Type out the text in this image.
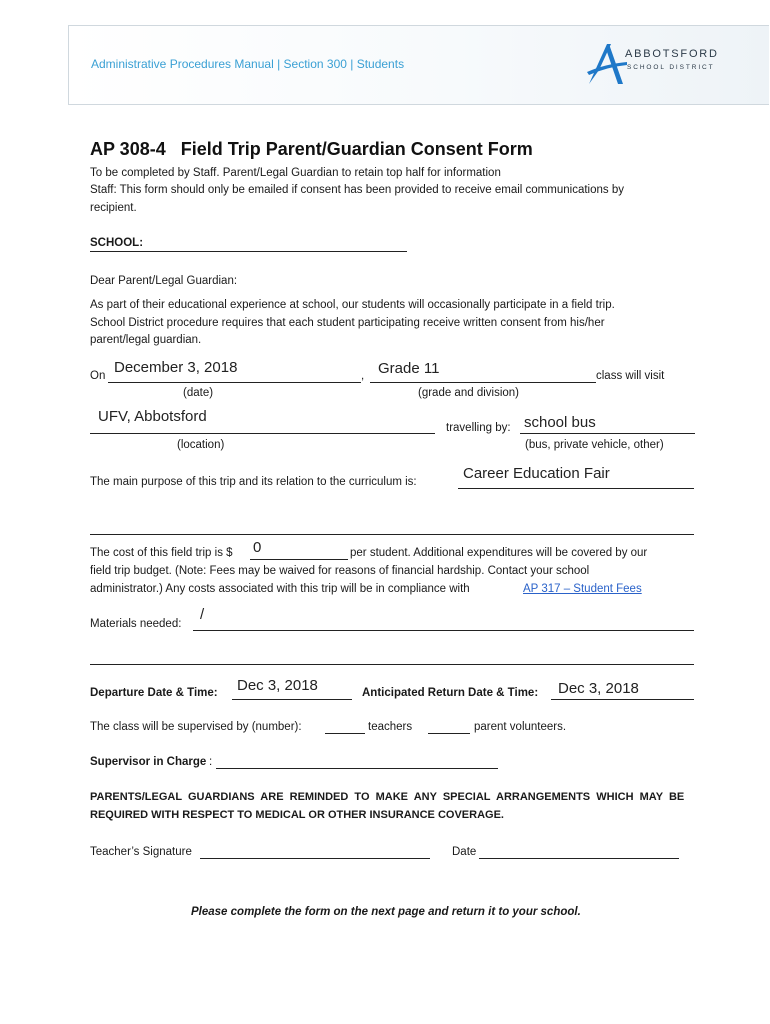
Administrative Procedures Manual | Section 300 | Students
ABBOTSFORD
SCHOOL DISTRICT
AP 308-4   Field Trip Parent/Guardian Consent Form
To be completed by Staff. Parent/Legal Guardian to retain top half for information
Staff: This form should only be emailed if consent has been provided to receive email communications by
recipient.
SCHOOL:
Dear Parent/Legal Guardian:
As part of their educational experience at school, our students will occasionally participate in a field trip.
School District procedure requires that each student participating receive written consent from his/her
parent/legal guardian.
On December 3, 2018	, Grade 11	class will visit
(date)	(grade and division)
UFV, Abbotsford
travelling by: school bus
(location)	(bus, private vehicle, other)
The main purpose of this trip and its relation to the curriculum is:	Career Education Fair
The cost of this field trip is $ 0	per student. Additional expenditures will be covered by our
field trip budget. (Note: Fees may be waived for reasons of financial hardship. Contact your school
administrator.) Any costs associated with this trip will be in compliance with	AP 317 – Student Fees
Materials needed:
/
Departure Date & Time: Dec 3, 2018	Anticipated Return Date & Time: Dec 3, 2018
The class will be supervised by (number):	teachers	parent volunteers.
Supervisor in Charge :
PARENTS/LEGAL  GUARDIANS  ARE  REMINDED  TO  MAKE  ANY  SPECIAL  ARRANGEMENTS  WHICH  MAY  BE
REQUIRED WITH RESPECT TO MEDICAL OR OTHER INSURANCE COVERAGE.
Teacher’s Signature	Date
Please complete the form on the next page and return it to your school.
